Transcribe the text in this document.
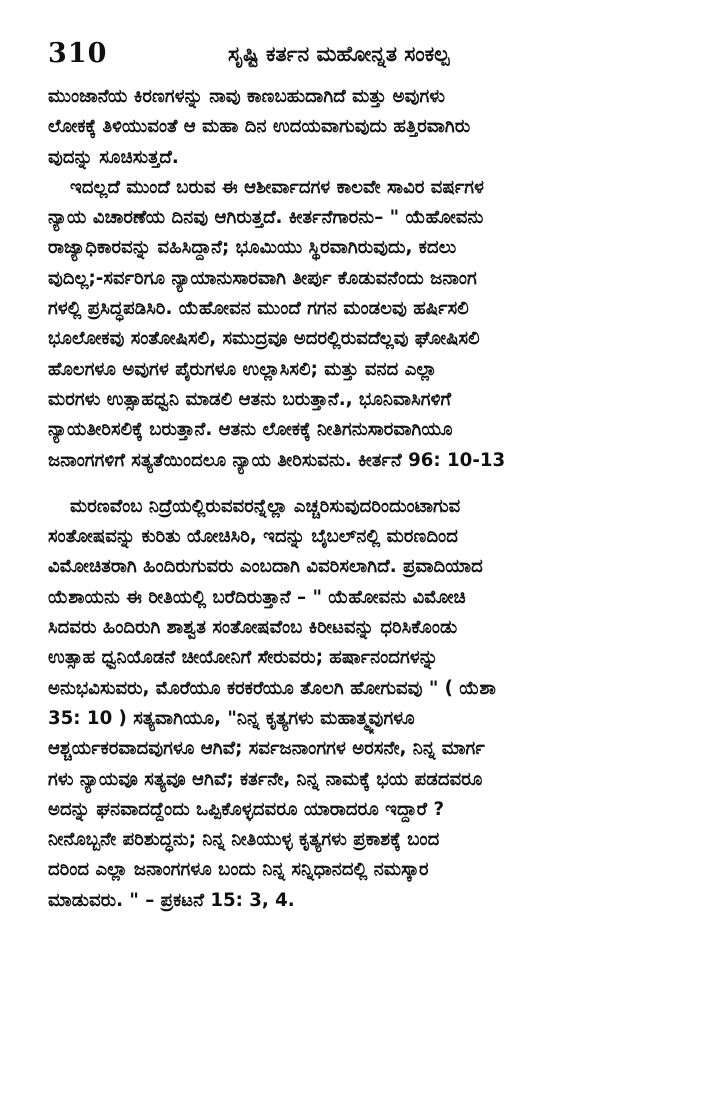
310	ಸೃಷ್ಟಿ ಕರ್ತನ ಮಹೋನ್ನತ ಸಂಕಲ್ಪ
ಮುಂಜಾನೆಯ ಕಿರಣಗಳನ್ನು ನಾವು ಕಾಣಬಹುದಾಗಿದೆ ಮತ್ತು ಅವುಗಳು
ಲೋಕಕ್ಕೆ ತಿಳಿಯುವಂತೆ ಆ ಮಹಾ ದಿನ ಉದಯವಾಗುವುದು ಹತ್ತಿರವಾಗಿರು
ವುದನ್ನು ಸೂಚಿಸುತ್ತದೆ.
ಇದಲ್ಲದೆ ಮುಂದೆ ಬರುವ ಈ ಆಶೀರ್ವಾದಗಳ ಕಾಲವೇ ಸಾವಿರ ವರ್ಷಗಳ
ನ್ಯಾಯ ವಿಚಾರಣೆಯ ದಿನವು ಆಗಿರುತ್ತದೆ. ಕೀರ್ತನೆಗಾರನು– " ಯೆಹೋವನು
ರಾಜ್ಯಾಧಿಕಾರವನ್ನು ವಹಿಸಿದ್ದಾನೆ; ಭೂಮಿಯು ಸ್ಥಿರವಾಗಿರುವುದು, ಕದಲು
ವುದಿಲ್ಲ;-ಸರ್ವರಿಗೂ ನ್ಯಾಯಾನುಸಾರವಾಗಿ ತೀರ್ಪು ಕೊಡುವನೆಂದು ಜನಾಂಗ
ಗಳಲ್ಲಿ ಪ್ರಸಿದ್ಧಪಡಿಸಿರಿ. ಯೆಹೋವನ ಮುಂದೆ ಗಗನ ಮಂಡಲವು ಹರ್ಷಿಸಲಿ
ಭೂಲೋಕವು ಸಂತೋಷಿಸಲಿ, ಸಮುದ್ರವೂ ಅದರಲ್ಲಿರುವದೆಲ್ಲವು ಘೋಷಿಸಲಿ
ಹೊಲಗಳೂ ಅವುಗಳ ಪೈರುಗಳೂ ಉಲ್ಲಾಸಿಸಲಿ; ಮತ್ತು ವನದ ಎಲ್ಲಾ
ಮರಗಳು ಉತ್ಸಾಹಧ್ವನಿ ಮಾಡಲಿ ಆತನು ಬರುತ್ತಾನೆ., ಭೂನಿವಾಸಿಗಳಿಗೆ
ನ್ಯಾಯತೀರಿಸಲಿಕ್ಕೆ ಬರುತ್ತಾನೆ. ಆತನು ಲೋಕಕ್ಕೆ ನೀತಿಗನುಸಾರವಾಗಿಯೂ
ಜನಾಂಗಗಳಿಗೆ ಸತ್ಯತೆಯಿಂದಲೂ ನ್ಯಾಯ ತೀರಿಸುವನು. ಕೀರ್ತನೆ 96: 10-13
ಮರಣವೆಂಬ ನಿದ್ರೆಯಲ್ಲಿರುವವರನ್ನೆಲ್ಲಾ ಎಚ್ಚರಿಸುವುದರಿಂದುಂಟಾಗುವ
ಸಂತೋಷವನ್ನು ಕುರಿತು ಯೋಚಿಸಿರಿ, ಇದನ್ನು ಬೈಬಲ್‌ನಲ್ಲಿ ಮರಣದಿಂದ
ವಿಮೋಚಿತರಾಗಿ ಹಿಂದಿರುಗುವರು ಎಂಬದಾಗಿ ವಿವರಿಸಲಾಗಿದೆ. ಪ್ರವಾದಿಯಾದ
ಯೆಶಾಯನು ಈ ರೀತಿಯಲ್ಲಿ ಬರೆದಿರುತ್ತಾನೆ – " ಯೆಹೋವನು ವಿಮೋಚಿ
ಸಿದವರು ಹಿಂದಿರುಗಿ ಶಾಶ್ವತ ಸಂತೋಷವೆಂಬ ಕಿರೀಟವನ್ನು ಧರಿಸಿಕೊಂಡು
ಉತ್ಸಾಹ ಧ್ವನಿಯೊಡನೆ ಚೀಯೋನಿಗೆ ಸೇರುವರು; ಹರ್ಷಾನಂದಗಳನ್ನು
ಅನುಭವಿಸುವರು, ಮೊರೆಯೂ ಕರಕರೆಯೂ ತೊಲಗಿ ಹೋಗುವವು " ( ಯೆಶಾ
35: 10 ) ಸತ್ಯವಾಗಿಯೂ, "ನಿನ್ನ ಕೃತ್ಯಗಳು ಮಹಾತ್ಮ್ಯವುಗಳೂ
ಆಶ್ಚರ್ಯಕರವಾದವುಗಳೂ ಆಗಿವೆ; ಸರ್ವಜನಾಂಗಗಳ ಅರಸನೇ, ನಿನ್ನ ಮಾರ್ಗ
ಗಳು ನ್ಯಾಯವೂ ಸತ್ಯವೂ ಆಗಿವೆ; ಕರ್ತನೇ, ನಿನ್ನ ನಾಮಕ್ಕೆ ಭಯ ಪಡದವರೂ
ಅದನ್ನು ಘನವಾದದ್ದೆಂದು ಒಪ್ಪಿಕೊಳ್ಳದವರೂ ಯಾರಾದರೂ ಇದ್ದಾರೆ ?
ನೀನೊಬ್ಬನೇ ಪರಿಶುದ್ಧನು; ನಿನ್ನ ನೀತಿಯುಳ್ಳ ಕೃತ್ಯಗಳು ಪ್ರಕಾಶಕ್ಕೆ ಬಂದ
ದರಿಂದ ಎಲ್ಲಾ ಜನಾಂಗಗಳೂ ಬಂದು ನಿನ್ನ ಸನ್ನಿಧಾನದಲ್ಲಿ ನಮಸ್ಕಾರ
ಮಾಡುವರು. " – ಪ್ರಕಟನೆ 15: 3, 4.
